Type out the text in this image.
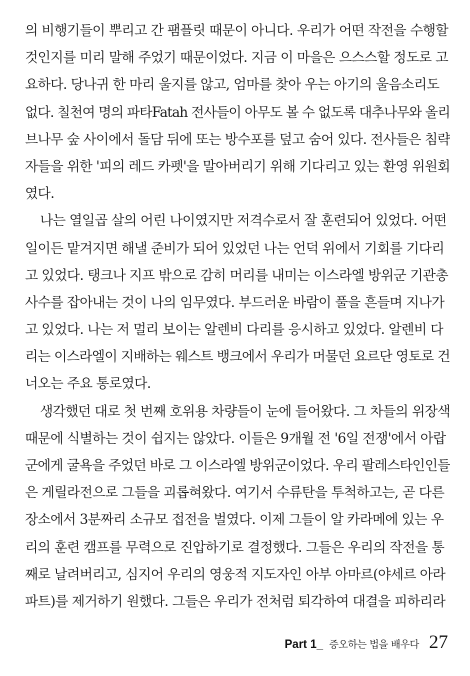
의 비행기들이 뿌리고 간 팸플릿 때문이 아니다. 우리가 어떤 작전을 수행할
것인지를 미리 말해 주었기 때문이었다. 지금 이 마을은 으스스할 정도로 고
요하다. 당나귀 한 마리 울지를 않고, 엄마를 찾아 우는 아기의 울음소리도
없다. 칠천여 명의 파타Fatah 전사들이 아무도 볼 수 없도록 대추나무와 올리
브나무 숲 사이에서 돌담 뒤에 또는 방수포를 덮고 숨어 있다. 전사들은 침략
자들을 위한 '피의 레드 카펫'을 말아버리기 위해 기다리고 있는 환영 위원회
였다.
나는 열일곱 살의 어린 나이였지만 저격수로서 잘 훈련되어 있었다. 어떤
일이든 맡겨지면 해낼 준비가 되어 있었던 나는 언덕 위에서 기회를 기다리
고 있었다. 탱크나 지프 밖으로 감히 머리를 내미는 이스라엘 방위군 기관총
사수를 잡아내는 것이 나의 임무였다. 부드러운 바람이 풀을 흔들며 지나가
고 있었다. 나는 저 멀리 보이는 알렌비 다리를 응시하고 있었다. 알렌비 다
리는 이스라엘이 지배하는 웨스트 뱅크에서 우리가 머물던 요르단 영토로 건
너오는 주요 통로였다.
생각했던 대로 첫 번째 호위용 차량들이 눈에 들어왔다. 그 차들의 위장색
때문에 식별하는 것이 쉽지는 않았다. 이들은 9개월 전 '6일 전쟁'에서 아랍
군에게 굴욕을 주었던 바로 그 이스라엘 방위군이었다. 우리 팔레스타인인들
은 게릴라전으로 그들을 괴롭혀왔다. 여기서 수류탄을 투척하고는, 곧 다른
장소에서 3분짜리 소규모 접전을 벌였다. 이제 그들이 알 카라메에 있는 우
리의 훈련 캠프를 무력으로 진압하기로 결정했다. 그들은 우리의 작전을 통
째로 날려버리고, 심지어 우리의 영웅적 지도자인 아부 아마르(야세르 아라
파트)를 제거하기 원했다. 그들은 우리가 전처럼 퇴각하여 대결을 피하리라
Part 1_ 증오하는 법을 배우다 27
